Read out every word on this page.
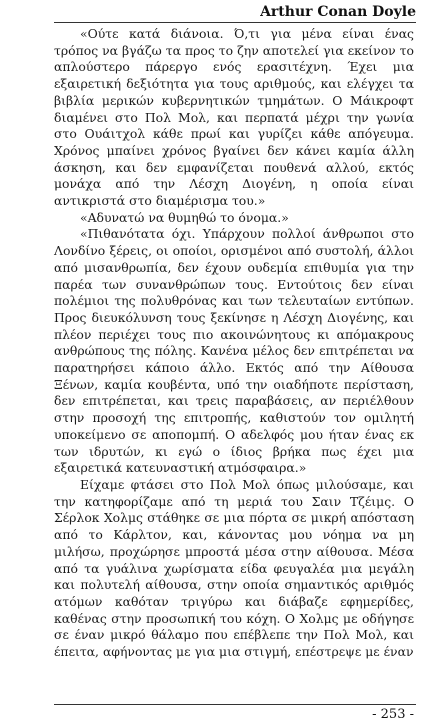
Arthur Conan Doyle

«Ούτε κατά διάνοια. Ό,τι για μένα είναι ένας τρόπος να βγάζω τα προς το ζην αποτελεί για εκείνον το απλούστερο πάρεργο ενός ερασιτέχνη. Έχει μια εξαιρετική δεξιότητα για τους αριθμούς, και ελέγχει τα βιβλία μερικών κυβερνητικών τμημάτων. Ο Μάικροφτ διαμένει στο Πολ Μολ, και περπατά μέχρι την γωνία στο Ουάιτχολ κάθε πρωί και γυρίζει κάθε απόγευμα. Χρόνος μπαίνει χρόνος βγαίνει δεν κάνει καμία άλλη άσκηση, και δεν εμφανίζεται πουθενά αλλού, εκτός μονάχα από την Λέσχη Διογένη, η οποία είναι αντικριστά στο διαμέρισμα του.»

«Αδυνατώ να θυμηθώ το όνομα.»

«Πιθανότατα όχι. Υπάρχουν πολλοί άνθρωποι στο Λονδίνο ξέρεις, οι οποίοι, ορισμένοι από συστολή, άλλοι από μισανθρωπία, δεν έχουν ουδεμία επιθυμία για την παρέα των συνανθρώπων τους. Εντούτοις δεν είναι πολέμιοι της πολυθρόνας και των τελευταίων εντύπων. Προς διευκόλυνση τους ξεκίνησε η Λέσχη Διογένης, και πλέον περιέχει τους πιο ακοινώνητους κι απόμακρους ανθρώπους της πόλης. Κανένα μέλος δεν επιτρέπεται να παρατηρήσει κάποιο άλλο. Εκτός από την Αίθουσα Ξένων, καμία κουβέντα, υπό την οιαδήποτε περίσταση, δεν επιτρέπεται, και τρεις παραβάσεις, αν περιέλθουν στην προσοχή της επιτροπής, καθιστούν τον ομιλητή υποκείμενο σε αποπομπή. Ο αδελφός μου ήταν ένας εκ των ιδρυτών, κι εγώ ο ίδιος βρήκα πως έχει μια εξαιρετικά κατευναστική ατμόσφαιρα.»

Είχαμε φτάσει στο Πολ Μολ όπως μιλούσαμε, και την κατηφορίζαμε από τη μεριά του Σαιν Τζέιμς. Ο Σέρλοκ Χολμς στάθηκε σε μια πόρτα σε μικρή απόσταση από το Κάρλτον, και, κάνοντας μου νόημα να μη μιλήσω, προχώρησε μπροστά μέσα στην αίθουσα. Μέσα από τα γυάλινα χωρίσματα είδα φευγαλέα μια μεγάλη και πολυτελή αίθουσα, στην οποία σημαντικός αριθμός ατόμων καθόταν τριγύρω και διάβαζε εφημερίδες, καθένας στην προσωπική του κόχη. Ο Χολμς με οδήγησε σε έναν μικρό θάλαμο που επέβλεπε την Πολ Μολ, και έπειτα, αφήνοντας με για μια στιγμή, επέστρεψε με έναν

- 253 -
